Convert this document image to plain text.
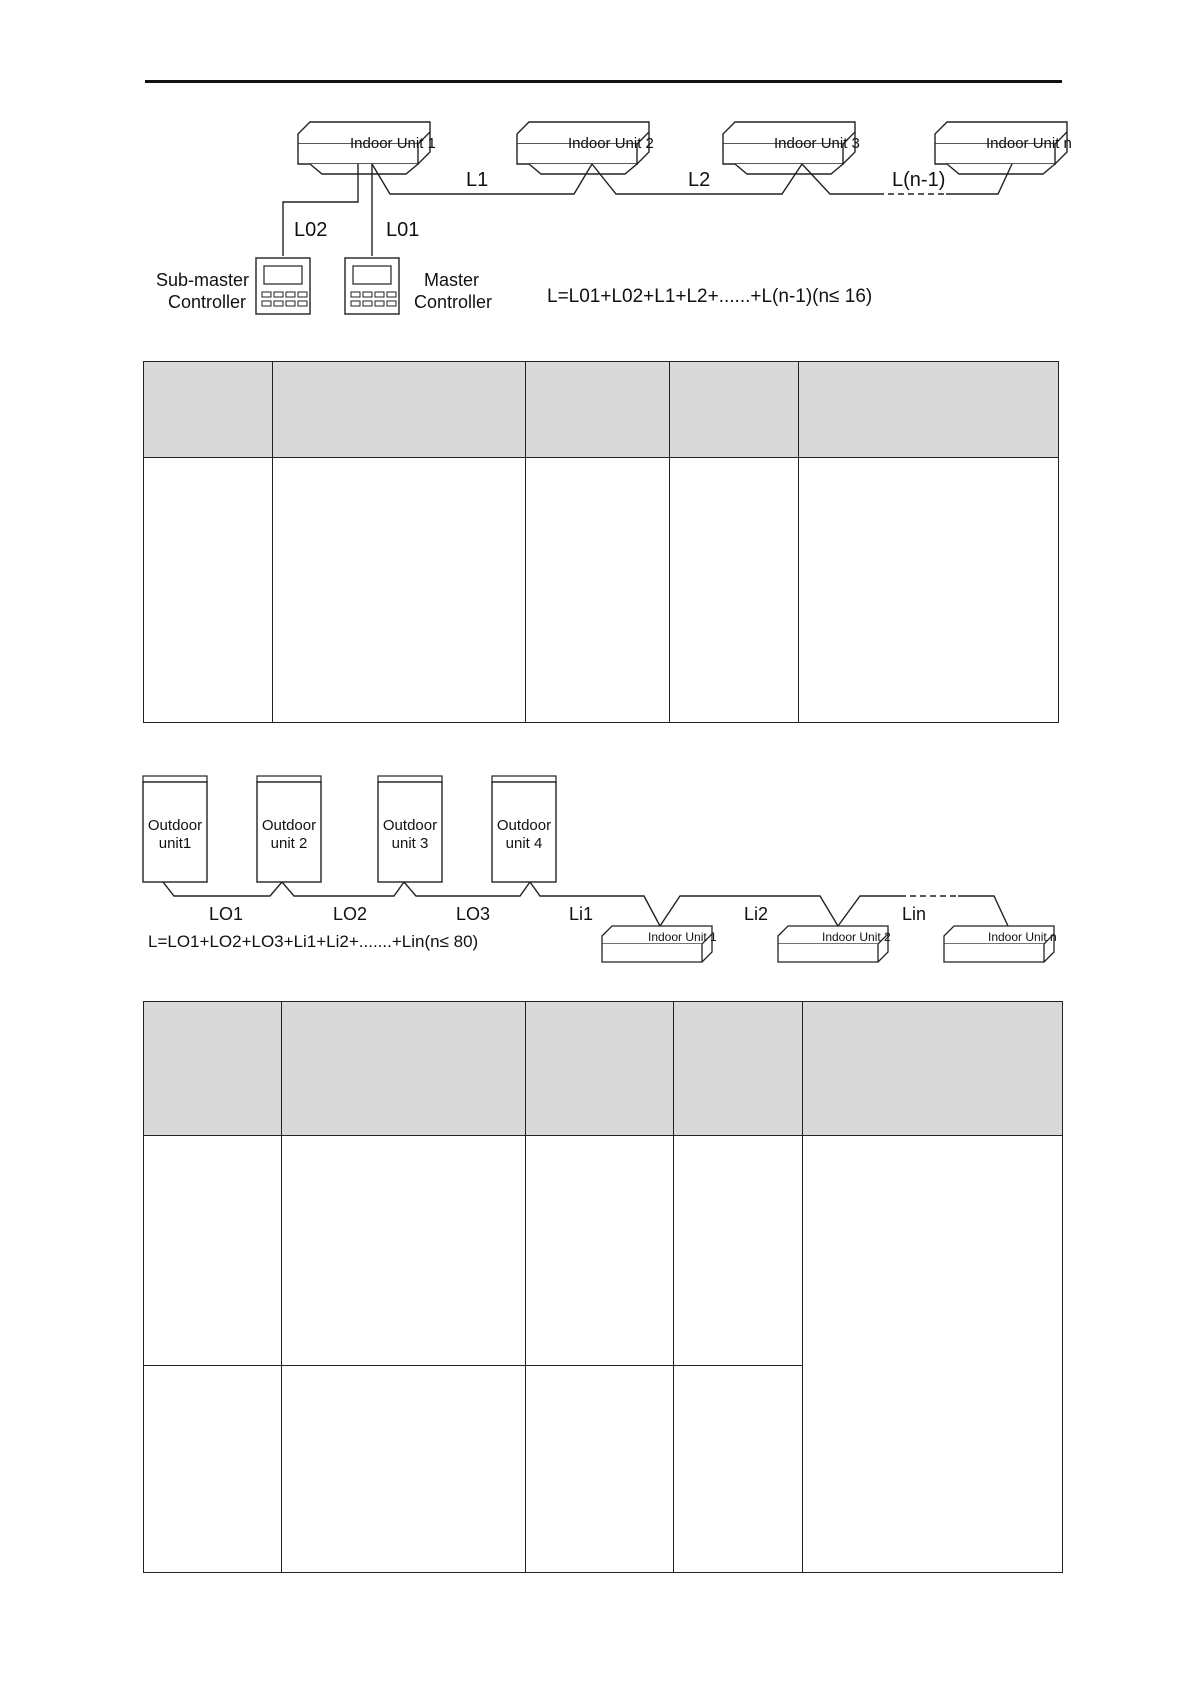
Indoor Unit 1	Indoor Unit 2	Indoor Unit 3	Indoor Unit n
L1	L2	L(n-1)
L02	L01
Sub-master
Controller
Master
Controller	L=L01+L02+L1+L2+......+L(n-1)(n≤ 16)

Outdoor
unit1
Outdoor
unit 2
Outdoor
unit 3
Outdoor
unit 4
LO1	LO2	LO3	Li1	Li2	Lin
Indoor Unit 1	Indoor Unit 2	Indoor Unit n
L=LO1+LO2+LO3+Li1+Li2+.......+Lin(n≤ 80)
